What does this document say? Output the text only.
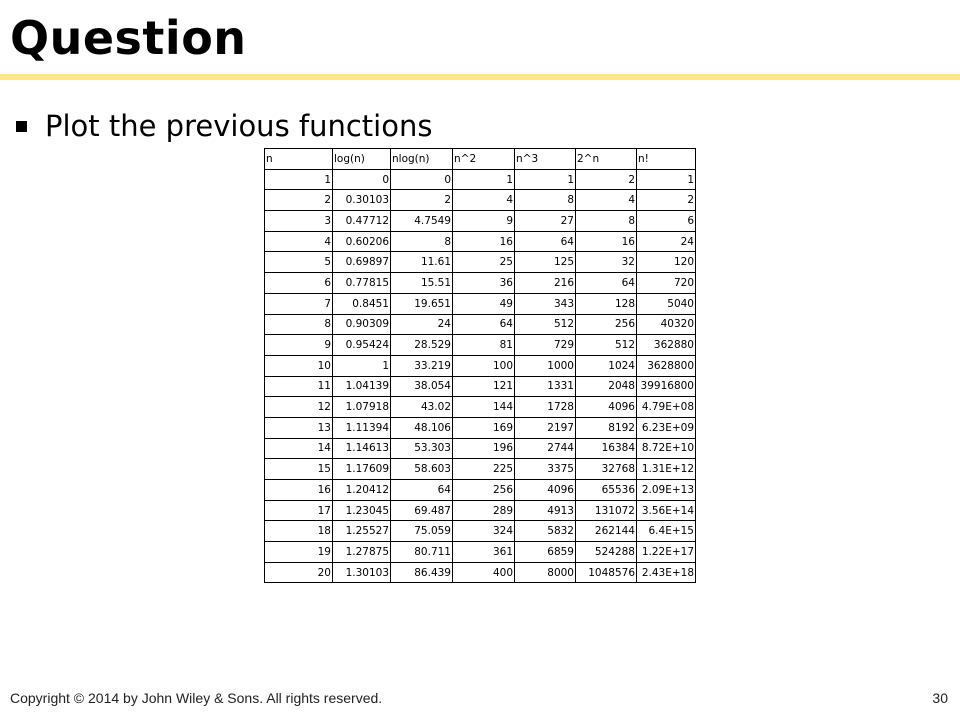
Question
Plot the previous functions
n	log(n)	nlog(n)	n^2	n^3	2^n	n!
1	0	0	1	1	2	1
2	0.30103	2	4	8	4	2
3	0.47712	4.7549	9	27	8	6
4	0.60206	8	16	64	16	24
5	0.69897	11.61	25	125	32	120
6	0.77815	15.51	36	216	64	720
7	0.8451	19.651	49	343	128	5040
8	0.90309	24	64	512	256	40320
9	0.95424	28.529	81	729	512	362880
10	1	33.219	100	1000	1024	3628800
11	1.04139	38.054	121	1331	2048	39916800
12	1.07918	43.02	144	1728	4096	4.79E+08
13	1.11394	48.106	169	2197	8192	6.23E+09
14	1.14613	53.303	196	2744	16384	8.72E+10
15	1.17609	58.603	225	3375	32768	1.31E+12
16	1.20412	64	256	4096	65536	2.09E+13
17	1.23045	69.487	289	4913	131072	3.56E+14
18	1.25527	75.059	324	5832	262144	6.4E+15
19	1.27875	80.711	361	6859	524288	1.22E+17
20	1.30103	86.439	400	8000	1048576	2.43E+18
Copyright © 2014 by John Wiley & Sons. All rights reserved.	30
